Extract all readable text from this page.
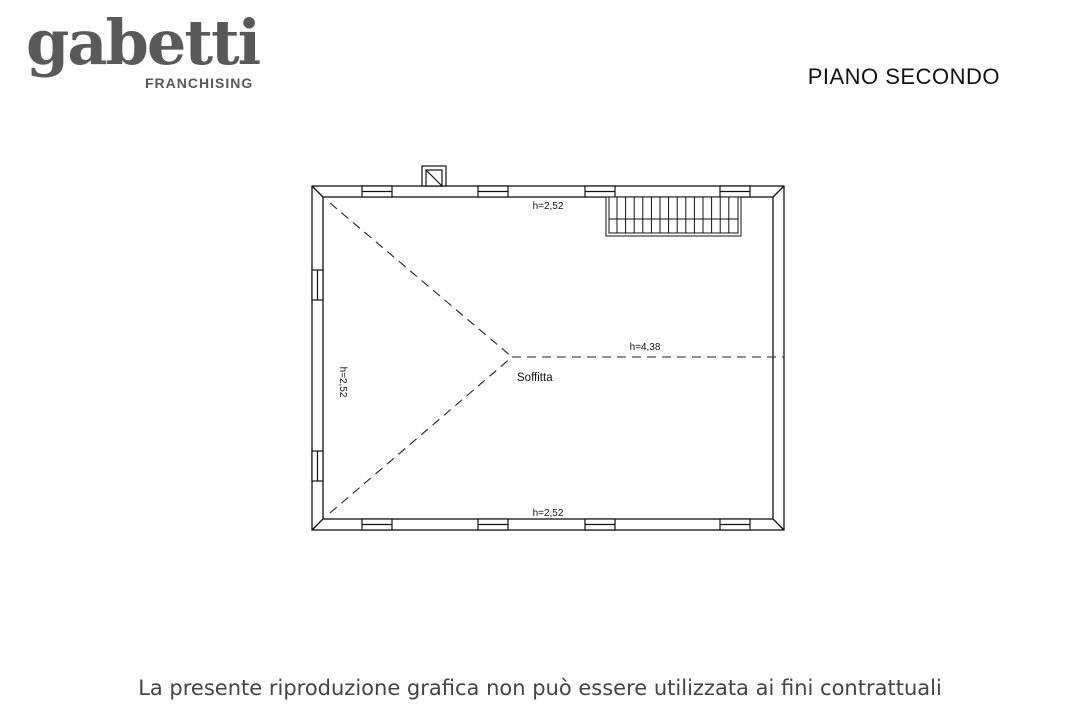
gabetti
FRANCHISING	PIANO SECONDO
h=2,52
h=2,52
h=4,38
h=2,52	Soffitta
La presente riproduzione grafica non può essere utilizzata ai fini contrattuali
